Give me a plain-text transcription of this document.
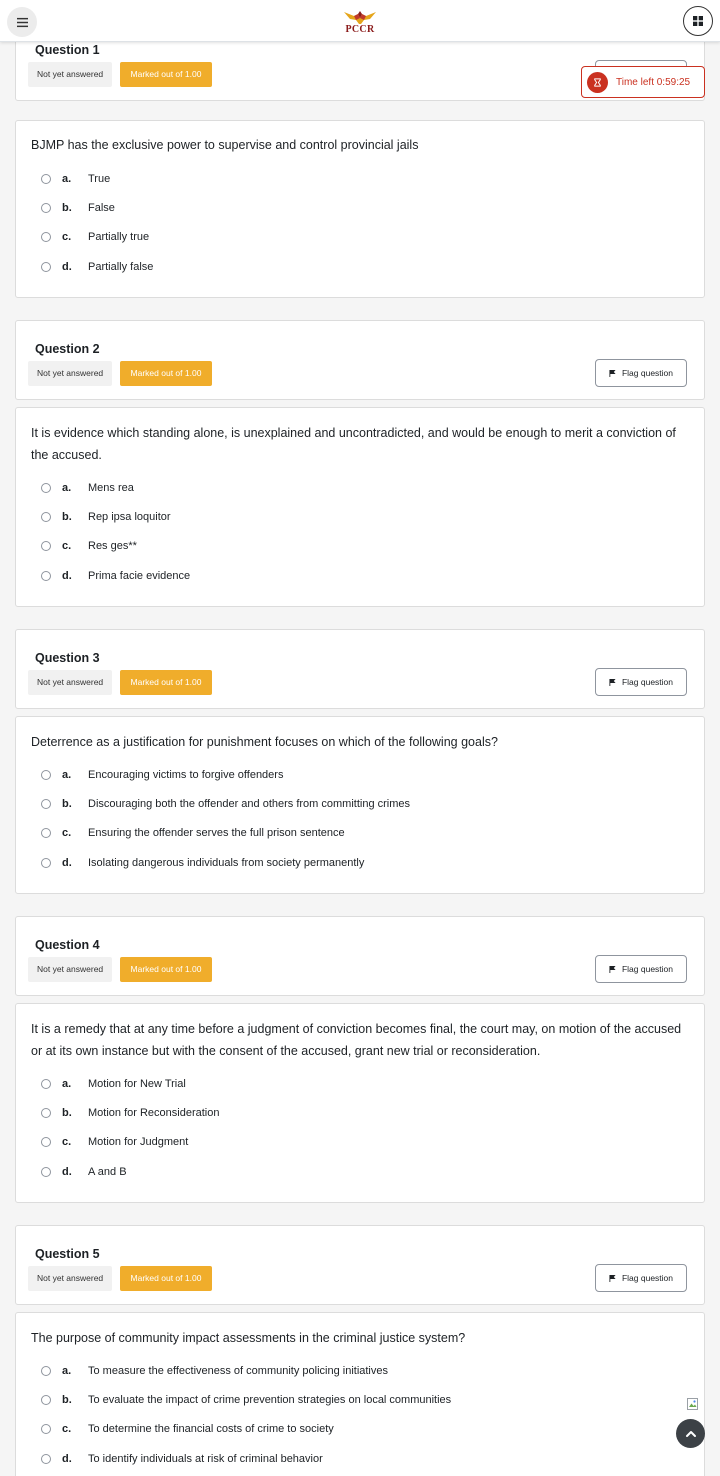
PCCR
Time left 0:59:25
Question 1
Not yet answered	Marked out of 1.00
BJMP has the exclusive power to supervise and control provincial jails
a.	True
b.	False
c.	Partially true
d.	Partially false
Question 2
Not yet answered	Marked out of 1.00	Flag question
It is evidence which standing alone, is unexplained and uncontradicted, and would be enough to merit a conviction of the accused.
a.	Mens rea
b.	Rep ipsa loquitor
c.	Res ges**
d.	Prima facie evidence
Question 3
Not yet answered	Marked out of 1.00	Flag question
Deterrence as a justification for punishment focuses on which of the following goals?
a.	Encouraging victims to forgive offenders
b.	Discouraging both the offender and others from committing crimes
c.	Ensuring the offender serves the full prison sentence
d.	Isolating dangerous individuals from society permanently
Question 4
Not yet answered	Marked out of 1.00	Flag question
It is a remedy that at any time before a judgment of conviction becomes final, the court may, on motion of the accused or at its own instance but with the consent of the accused, grant new trial or reconsideration.
a.	Motion for New Trial
b.	Motion for Reconsideration
c.	Motion for Judgment
d.	A and B
Question 5
Not yet answered	Marked out of 1.00	Flag question
The purpose of community impact assessments in the criminal justice system?
a.	To measure the effectiveness of community policing initiatives
b.	To evaluate the impact of crime prevention strategies on local communities
c.	To determine the financial costs of crime to society
d.	To identify individuals at risk of criminal behavior
